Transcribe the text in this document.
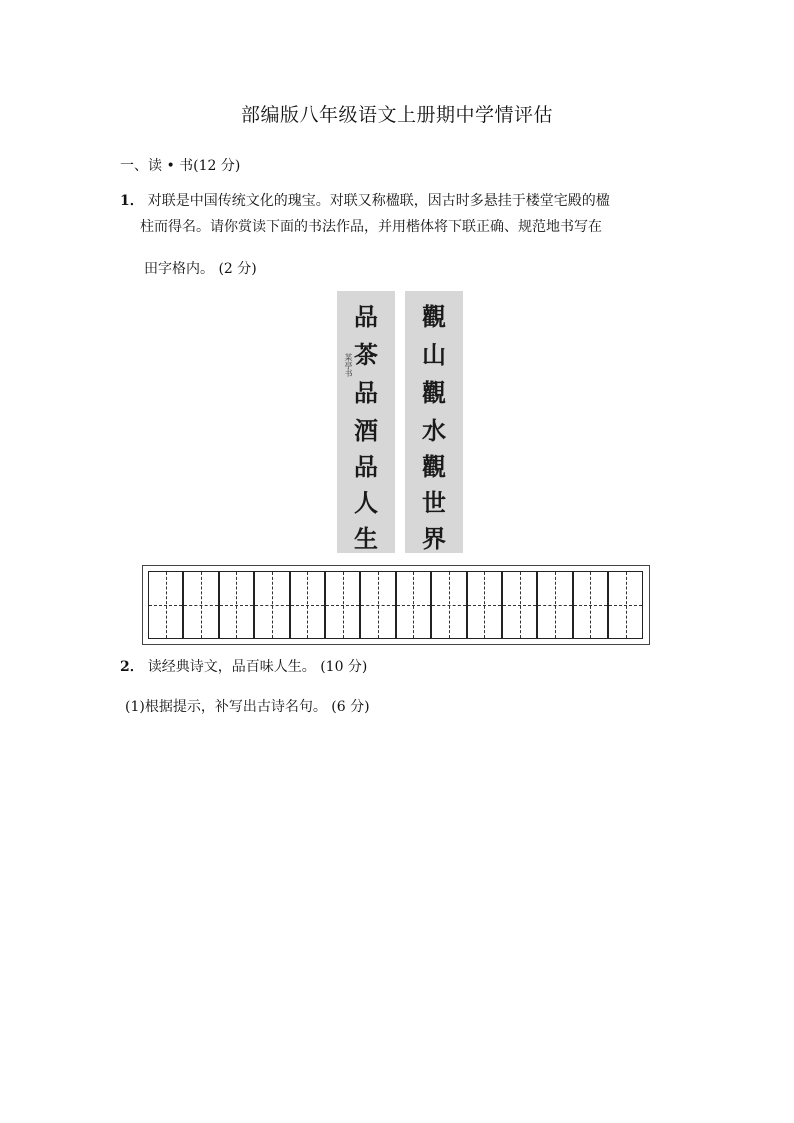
部编版八年级语文上册期中学情评估
一、读 • 书(12 分)
1． 对联是中国传统文化的瑰宝。对联又称楹联，因古时多悬挂于楼堂宅殿的楹
柱而得名。请你赏读下面的书法作品，并用楷体将下联正确、规范地书写在
田字格内。 (2 分)
品
茶
品
酒
品
人
生
某亭书
觀
山
觀
水
觀
世
界
2． 读经典诗文，品百味人生。 (10 分)
(1)根据提示，补写出古诗名句。 (6 分)
